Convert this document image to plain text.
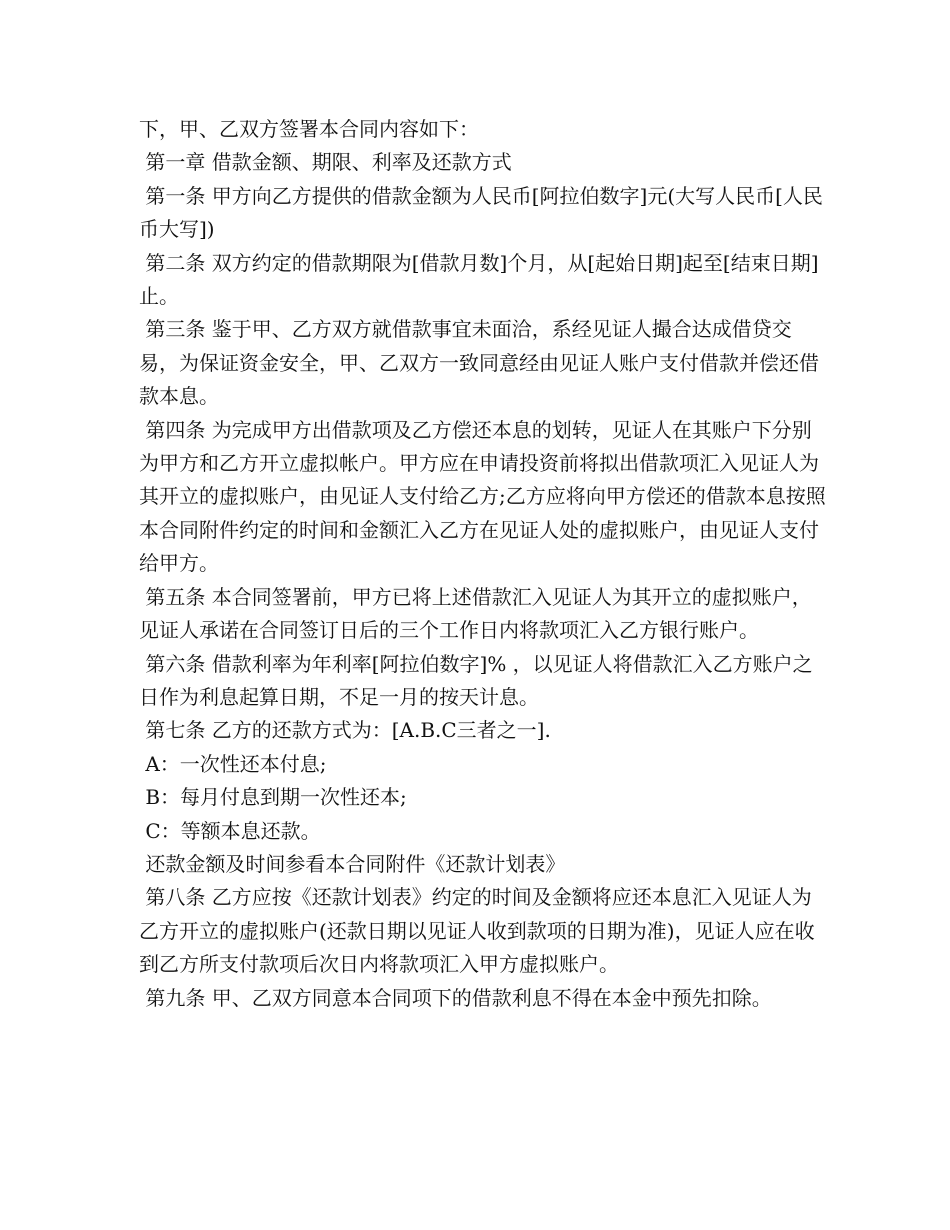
下，甲、乙双方签署本合同内容如下：

第一章 借款金额、期限、利率及还款方式

第一条 甲方向乙方提供的借款金额为人民币[阿拉伯数字]元(大写人民币[人民币大写])

第二条 双方约定的借款期限为[借款月数]个月，从[起始日期]起至[结束日期]止。

第三条 鉴于甲、乙方双方就借款事宜未面洽，系经见证人撮合达成借贷交易，为保证资金安全，甲、乙双方一致同意经由见证人账户支付借款并偿还借款本息。

第四条 为完成甲方出借款项及乙方偿还本息的划转，见证人在其账户下分别为甲方和乙方开立虚拟帐户。甲方应在申请投资前将拟出借款项汇入见证人为其开立的虚拟账户，由见证人支付给乙方;乙方应将向甲方偿还的借款本息按照本合同附件约定的时间和金额汇入乙方在见证人处的虚拟账户，由见证人支付给甲方。

第五条 本合同签署前，甲方已将上述借款汇入见证人为其开立的虚拟账户，见证人承诺在合同签订日后的三个工作日内将款项汇入乙方银行账户。

第六条 借款利率为年利率[阿拉伯数字]% ，以见证人将借款汇入乙方账户之日作为利息起算日期，不足一月的按天计息。

第七条 乙方的还款方式为：[A.B.C三者之一].

A：一次性还本付息;

B：每月付息到期一次性还本;

C：等额本息还款。

还款金额及时间参看本合同附件《还款计划表》

第八条 乙方应按《还款计划表》约定的时间及金额将应还本息汇入见证人为乙方开立的虚拟账户(还款日期以见证人收到款项的日期为准)，见证人应在收到乙方所支付款项后次日内将款项汇入甲方虚拟账户。

第九条 甲、乙双方同意本合同项下的借款利息不得在本金中预先扣除。
